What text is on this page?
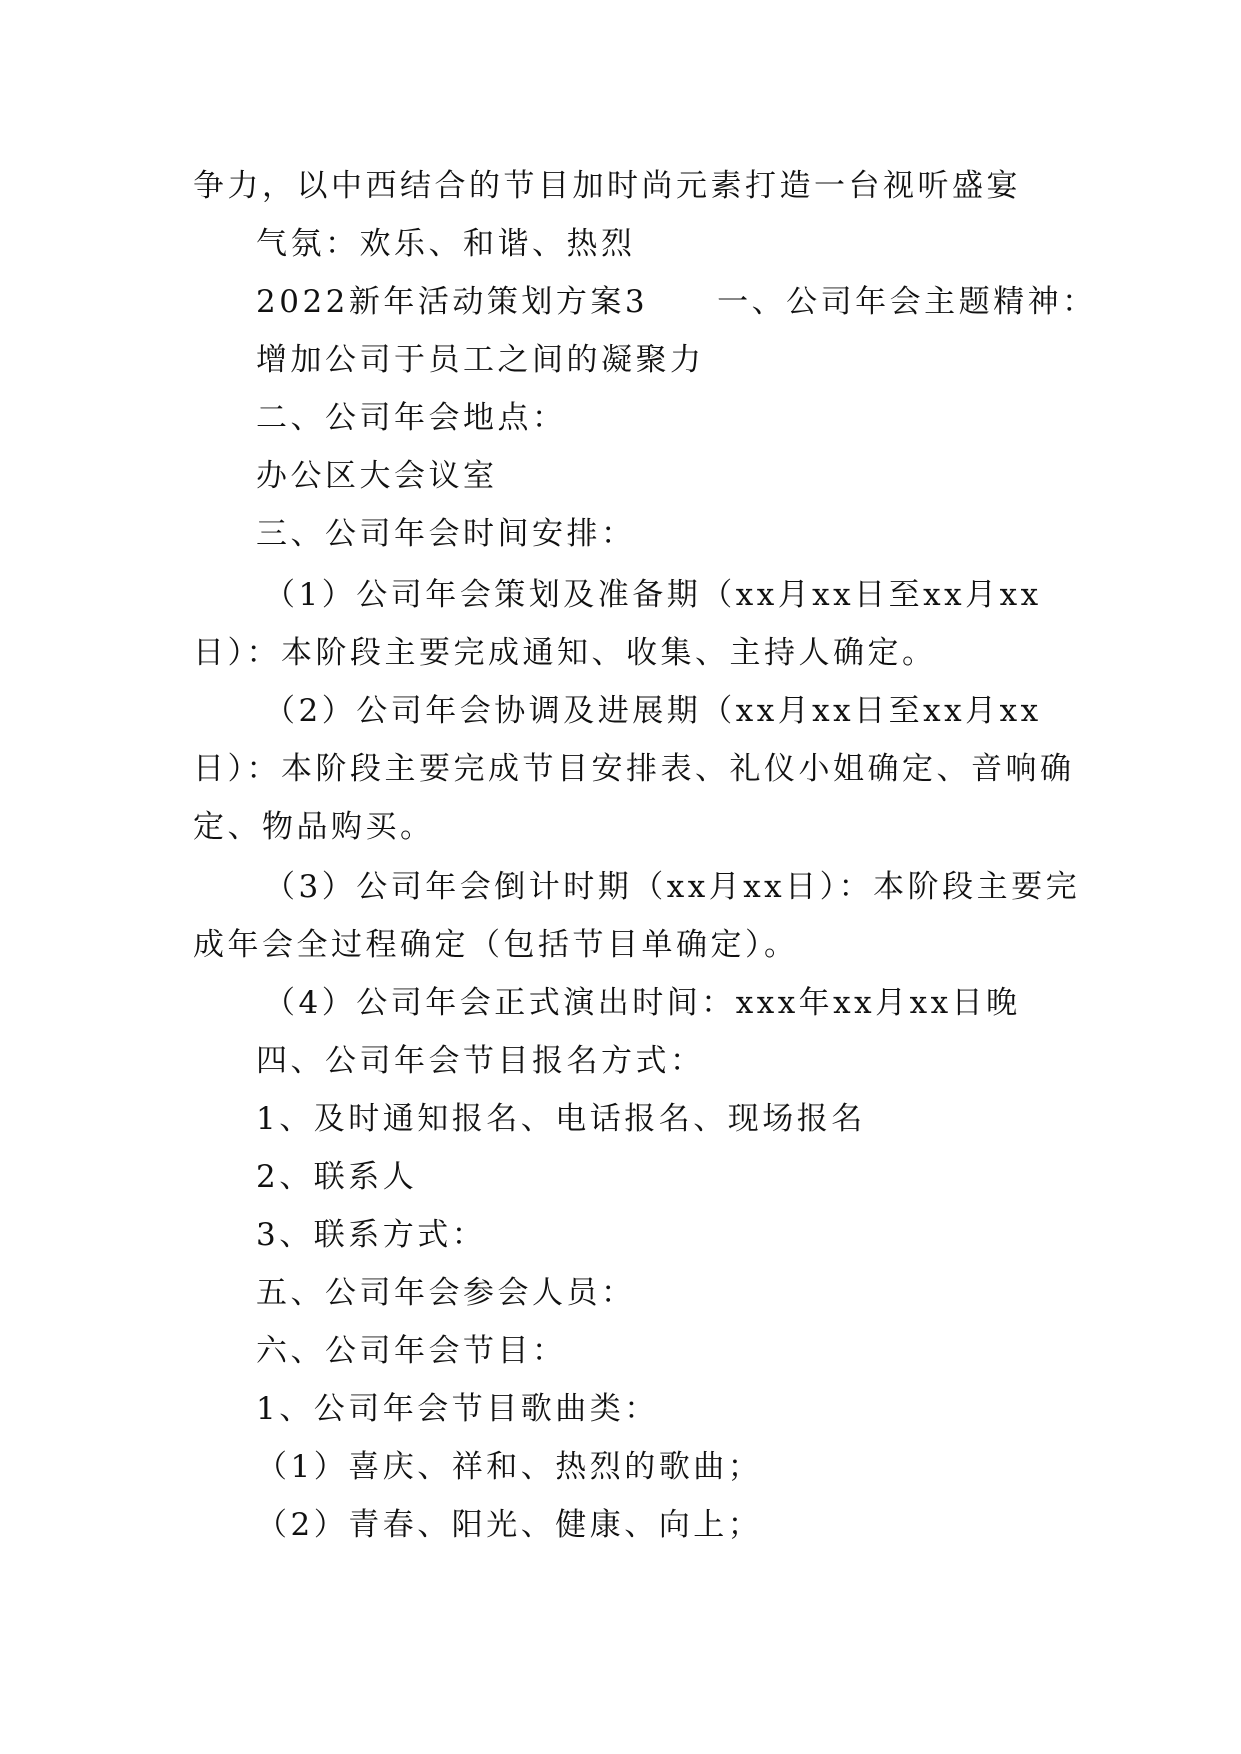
争力，以中西结合的节目加时尚元素打造一台视听盛宴
气氛：欢乐、和谐、热烈
2022新年活动策划方案3　　一、公司年会主题精神：
增加公司于员工之间的凝聚力
二、公司年会地点：
办公区大会议室
三、公司年会时间安排：
（1）公司年会策划及准备期（xx月xx日至xx月xx
日）：本阶段主要完成通知、收集、主持人确定。
（2）公司年会协调及进展期（xx月xx日至xx月xx
日）：本阶段主要完成节目安排表、礼仪小姐确定、音响确
定、物品购买。
（3）公司年会倒计时期（xx月xx日）：本阶段主要完
成年会全过程确定（包括节目单确定）。
（4）公司年会正式演出时间：xxx年xx月xx日晚
四、公司年会节目报名方式：
1、及时通知报名、电话报名、现场报名
2、联系人
3、联系方式：
五、公司年会参会人员：
六、公司年会节目：
1、公司年会节目歌曲类：
（1）喜庆、祥和、热烈的歌曲；
（2）青春、阳光、健康、向上；
